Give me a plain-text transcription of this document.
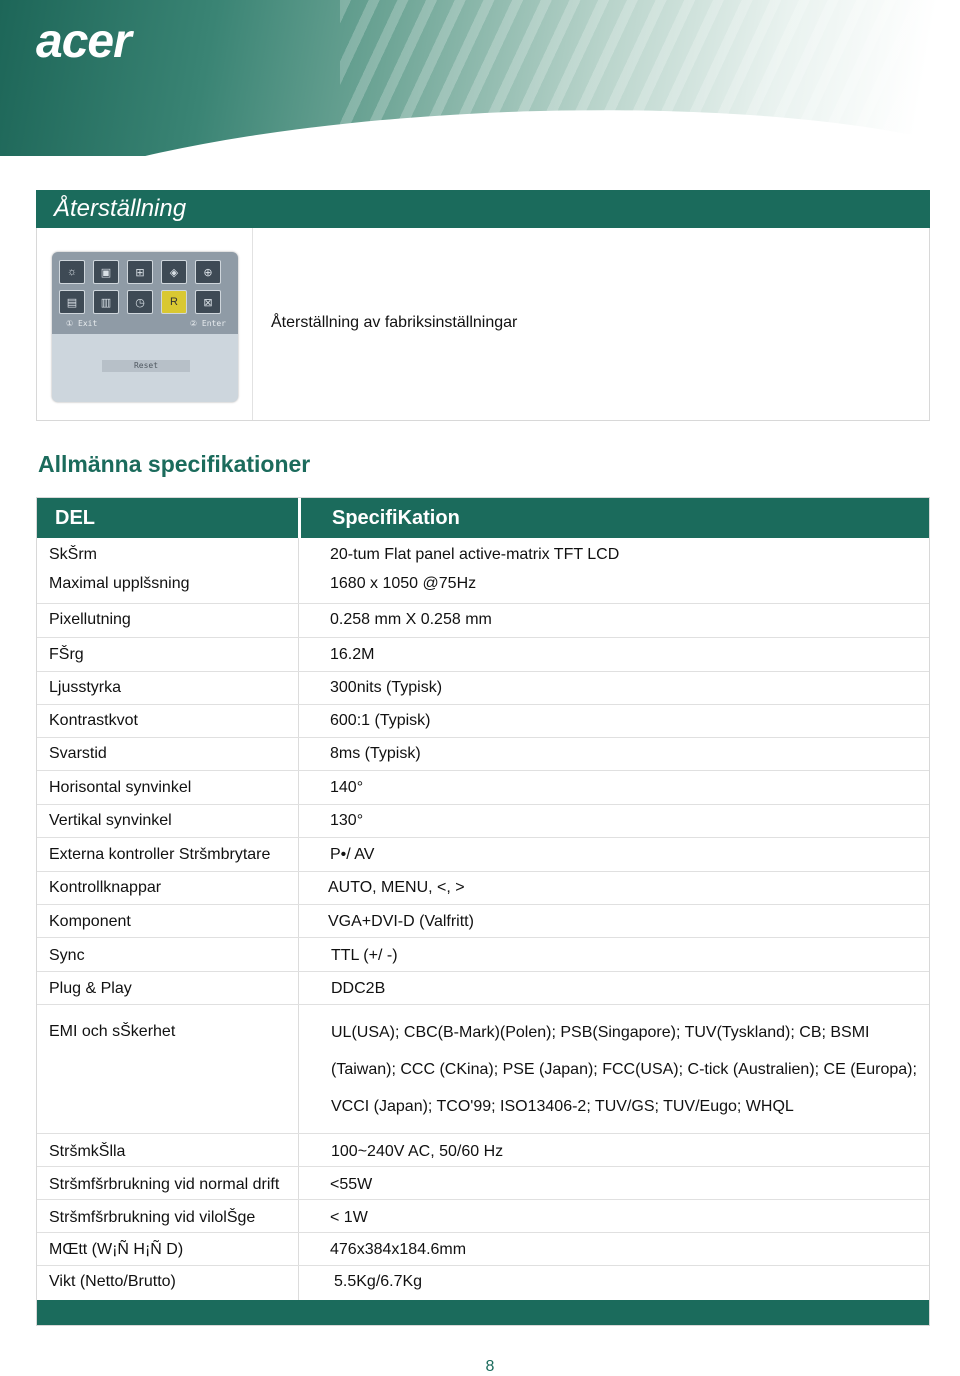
acer
Återställning
☼	▣	⊞	◈	⊕
▤	▥	◷	R	⊠
① Exit	② Enter
Reset
Återställning av fabriksinställningar
Allmänna specifikationer
DEL	SpecifiKation
SkŠrm	20-tum Flat panel active-matrix TFT LCD
Maximal upplšsning	1680 x 1050 @75Hz
Pixellutning	0.258 mm X 0.258 mm
FŠrg	16.2M
Ljusstyrka	300nits (Typisk)
Kontrastkvot	600:1 (Typisk)
Svarstid	8ms (Typisk)
Horisontal synvinkel	140°
Vertikal synvinkel	130°
Externa kontroller Stršmbrytare	P•/ AV
Kontrollknappar	AUTO, MENU, <, >
Komponent	VGA+DVI-D (Valfritt)
Sync	TTL (+/ -)
Plug & Play	DDC2B
EMI och sŠkerhet	UL(USA); CBC(B-Mark)(Polen); PSB(Singapore); TUV(Tyskland); CB; BSMI (Taiwan); CCC (CKina); PSE (Japan); FCC(USA); C-tick (Australien); CE (Europa); VCCI (Japan); TCO'99; ISO13406-2; TUV/GS; TUV/Eugo; WHQL
StršmkŠlla	100~240V AC, 50/60 Hz
Stršmfšrbrukning vid normal drift	<55W
Stršmfšrbrukning vid vilolŠge	< 1W
MŒtt (W¡Ñ H¡Ñ D)	476x384x184.6mm
Vikt (Netto/Brutto)	5.5Kg/6.7Kg
8
